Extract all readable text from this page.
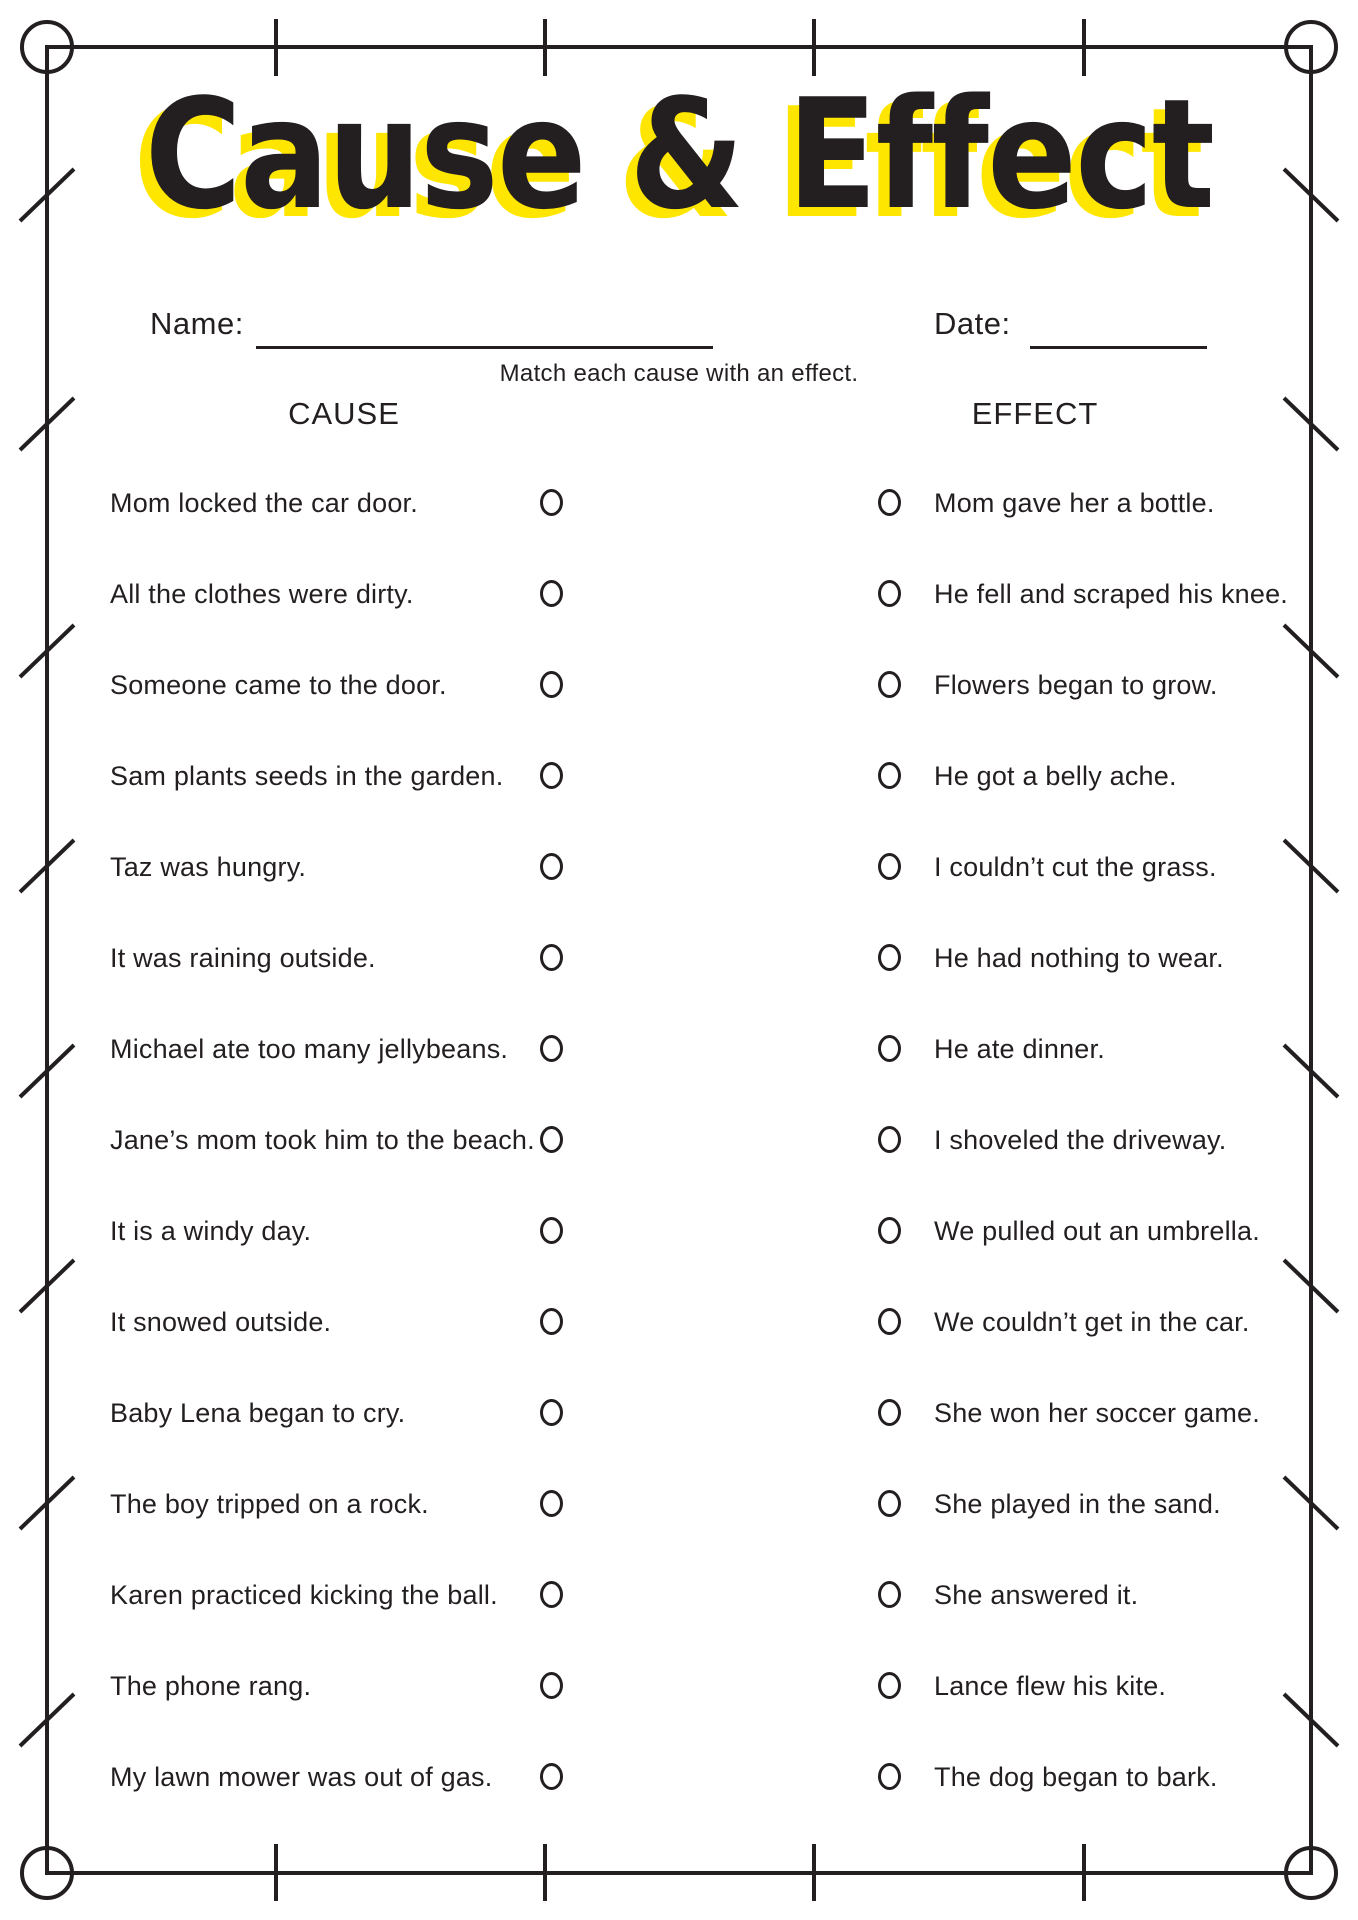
Cause & Effect
Name:	Date:
Match each cause with an effect.
CAUSE	EFFECT
Mom locked the car door.	Mom gave her a bottle.
All the clothes were dirty.	He fell and scraped his knee.
Someone came to the door.	Flowers began to grow.
Sam plants seeds in the garden.	He got a belly ache.
Taz was hungry.	I couldn’t cut the grass.
It was raining outside.	He had nothing to wear.
Michael ate too many jellybeans.	He ate dinner.
Jane’s mom took him to the beach.	I shoveled the driveway.
It is a windy day.	We pulled out an umbrella.
It snowed outside.	We couldn’t get in the car.
Baby Lena began to cry.	She won her soccer game.
The boy tripped on a rock.	She played in the sand.
Karen practiced kicking the ball.	She answered it.
The phone rang.	Lance flew his kite.
My lawn mower was out of gas.	The dog began to bark.
